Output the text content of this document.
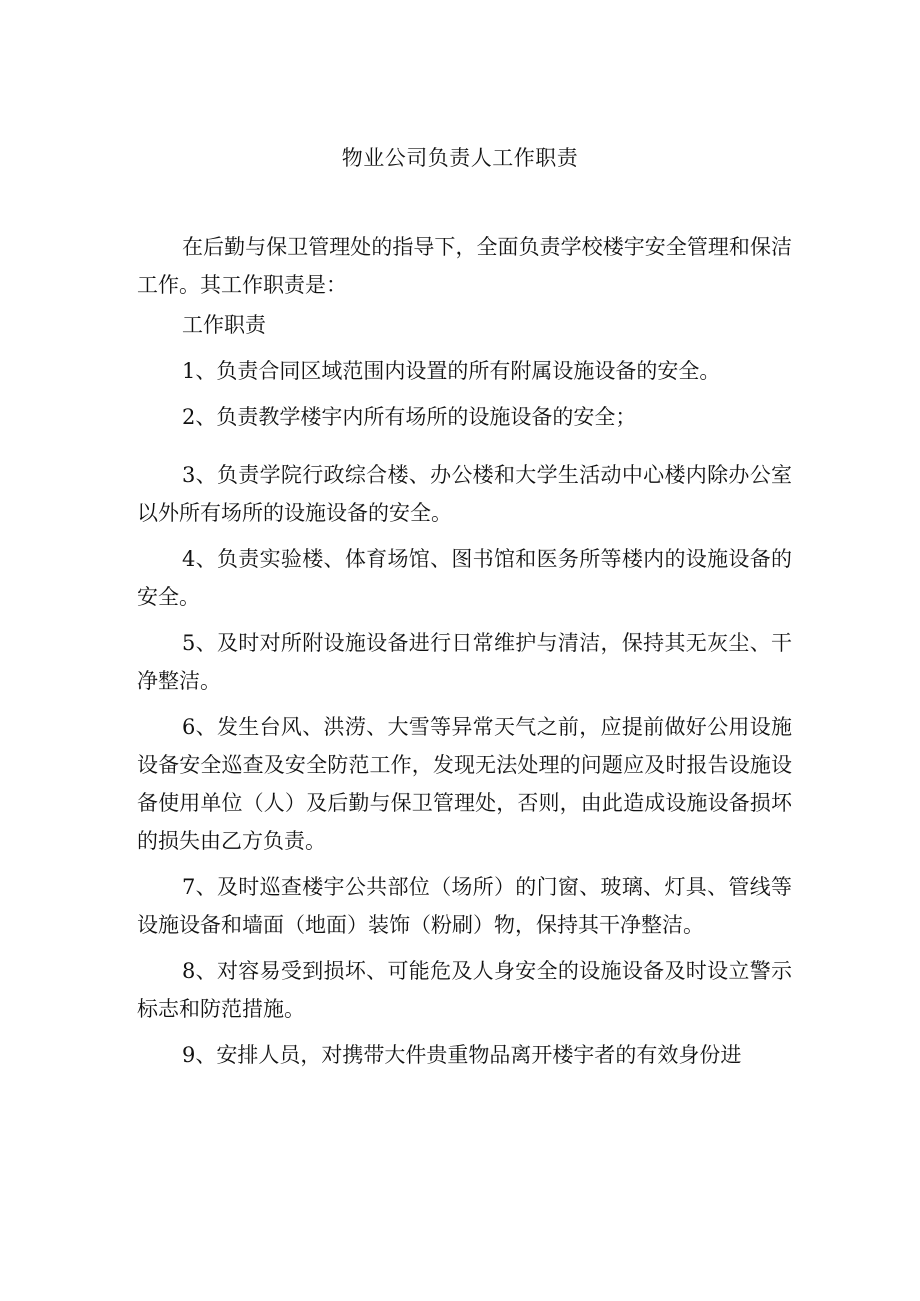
物业公司负责人工作职责

在后勤与保卫管理处的指导下，全面负责学校楼宇安全管理和保洁工作。其工作职责是：

工作职责

1、负责合同区域范围内设置的所有附属设施设备的安全。

2、负责教学楼宇内所有场所的设施设备的安全；

3、负责学院行政综合楼、办公楼和大学生活动中心楼内除办公室以外所有场所的设施设备的安全。

4、负责实验楼、体育场馆、图书馆和医务所等楼内的设施设备的安全。

5、及时对所附设施设备进行日常维护与清洁，保持其无灰尘、干净整洁。

6、发生台风、洪涝、大雪等异常天气之前，应提前做好公用设施设备安全巡查及安全防范工作，发现无法处理的问题应及时报告设施设备使用单位（人）及后勤与保卫管理处，否则，由此造成设施设备损坏的损失由乙方负责。

7、及时巡查楼宇公共部位（场所）的门窗、玻璃、灯具、管线等设施设备和墙面（地面）装饰（粉刷）物，保持其干净整洁。

8、对容易受到损坏、可能危及人身安全的设施设备及时设立警示标志和防范措施。

9、安排人员，对携带大件贵重物品离开楼宇者的有效身份进
